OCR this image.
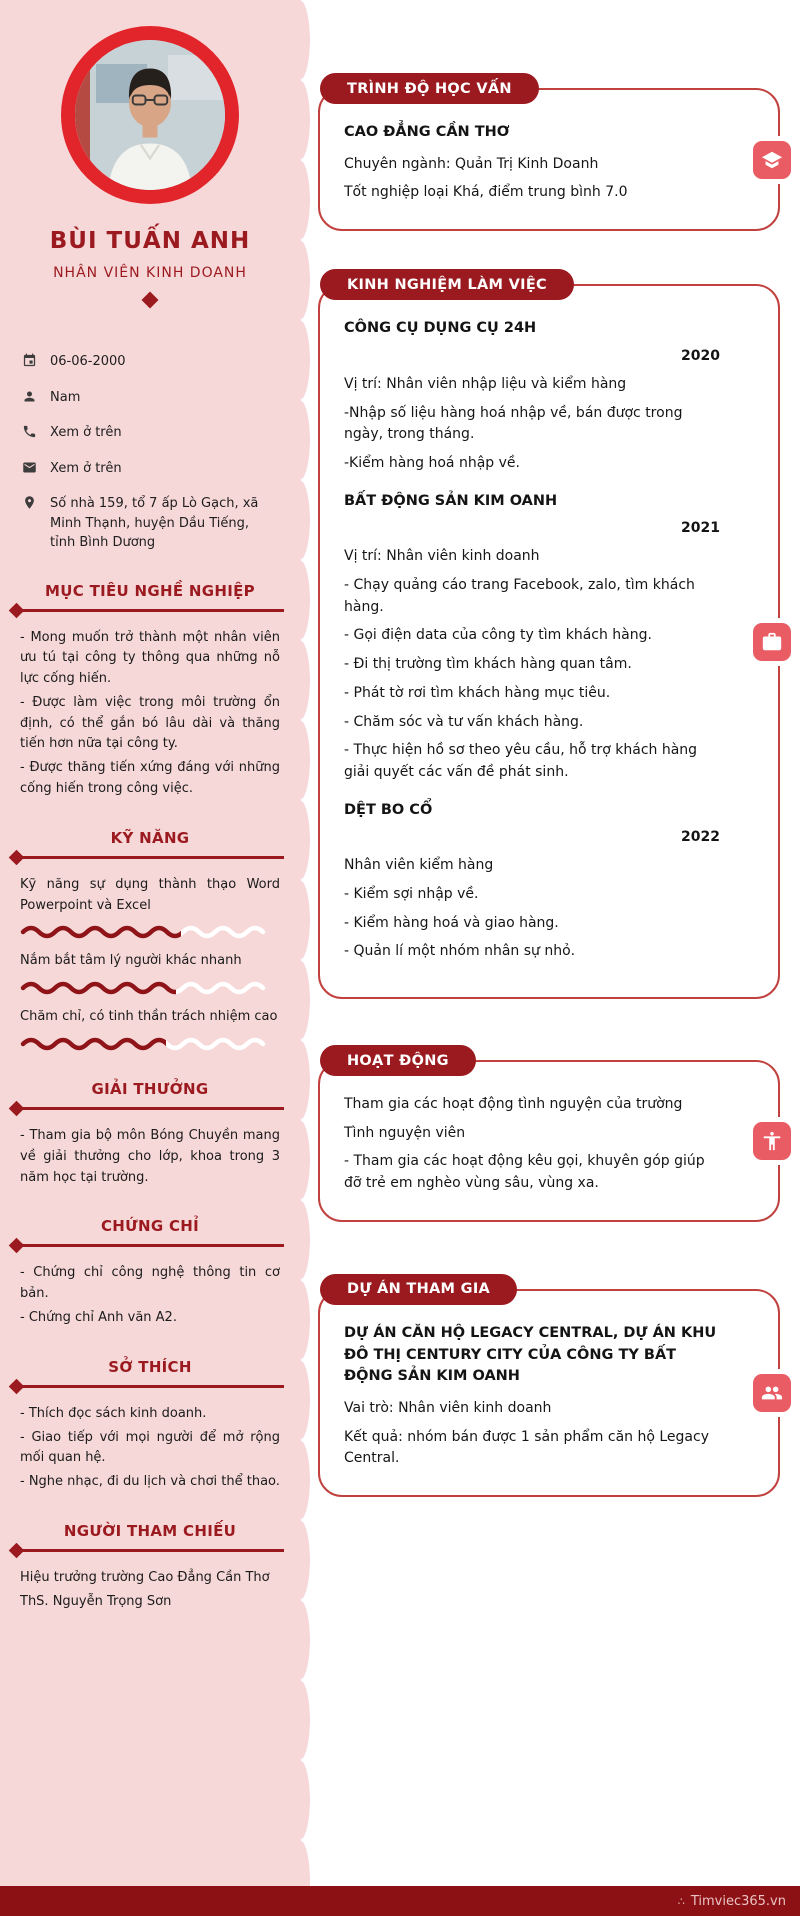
BÙI TUẤN ANH
NHÂN VIÊN KINH DOANH
06-06-2000
Nam
Xem ở trên
Xem ở trên
Số nhà 159, tổ 7 ấp Lò Gạch, xã Minh Thạnh, huyện Dầu Tiếng, tỉnh Bình Dương
MỤC TIÊU NGHỀ NGHIỆP

- Mong muốn trở thành một nhân viên ưu tú tại công ty thông qua những nỗ lực cống hiến.

- Được làm việc trong môi trường ổn định, có thể gắn bó lâu dài và thăng tiến hơn nữa tại công ty.

- Được thăng tiến xứng đáng với những cống hiến trong công việc.

KỸ NĂNG

Kỹ năng sự dụng thành thạo Word Powerpoint và Excel

Nắm bắt tâm lý người khác nhanh

Chăm chỉ, có tinh thần trách nhiệm cao

GIẢI THƯỞNG

- Tham gia bộ môn Bóng Chuyền mang về giải thưởng cho lớp, khoa trong 3 năm học tại trường.

CHỨNG CHỈ

- Chứng chỉ công nghệ thông tin cơ bản.

- Chứng chỉ Anh văn A2.

SỞ THÍCH

- Thích đọc sách kinh doanh.

- Giao tiếp với mọi người để mở rộng mối quan hệ.

- Nghe nhạc, đi du lịch và chơi thể thao.

NGƯỜI THAM CHIẾU

Hiệu trưởng trường Cao Đẳng Cần Thơ

ThS. Nguyễn Trọng Sơn

TRÌNH ĐỘ HỌC VẤN
CAO ĐẲNG CẦN THƠ

Chuyên ngành: Quản Trị Kinh Doanh

Tốt nghiệp loại Khá, điểm trung bình 7.0

KINH NGHIỆM LÀM VIỆC
CÔNG CỤ DỤNG CỤ 24H
2020

Vị trí: Nhân viên nhập liệu và kiểm hàng

-Nhập số liệu hàng hoá nhập về, bán được trong ngày, trong tháng.

-Kiểm hàng hoá nhập về.

BẤT ĐỘNG SẢN KIM OANH
2021

Vị trí: Nhân viên kinh doanh

- Chạy quảng cáo trang Facebook, zalo, tìm khách hàng.

- Gọi điện data của công ty tìm khách hàng.

- Đi thị trường tìm khách hàng quan tâm.

- Phát tờ rơi tìm khách hàng mục tiêu.

- Chăm sóc và tư vấn khách hàng.

- Thực hiện hồ sơ theo yêu cầu, hỗ trợ khách hàng giải quyết các vấn đề phát sinh.

DỆT BO CỔ
2022

Nhân viên kiểm hàng

- Kiểm sợi nhập về.

- Kiểm hàng hoá và giao hàng.

- Quản lí một nhóm nhân sự nhỏ.

HOẠT ĐỘNG

Tham gia các hoạt động tình nguyện của trường

Tình nguyện viên

- Tham gia các hoạt động kêu gọi, khuyên góp giúp đỡ trẻ em nghèo vùng sâu, vùng xa.

DỰ ÁN THAM GIA
DỰ ÁN CĂN HỘ LEGACY CENTRAL, DỰ ÁN KHU ĐÔ THỊ CENTURY CITY CỦA CÔNG TY BẤT ĐỘNG SẢN KIM OANH

Vai trò: Nhân viên kinh doanh

Kết quả: nhóm bán được 1 sản phẩm căn hộ Legacy Central.

∴ Timviec365.vn
